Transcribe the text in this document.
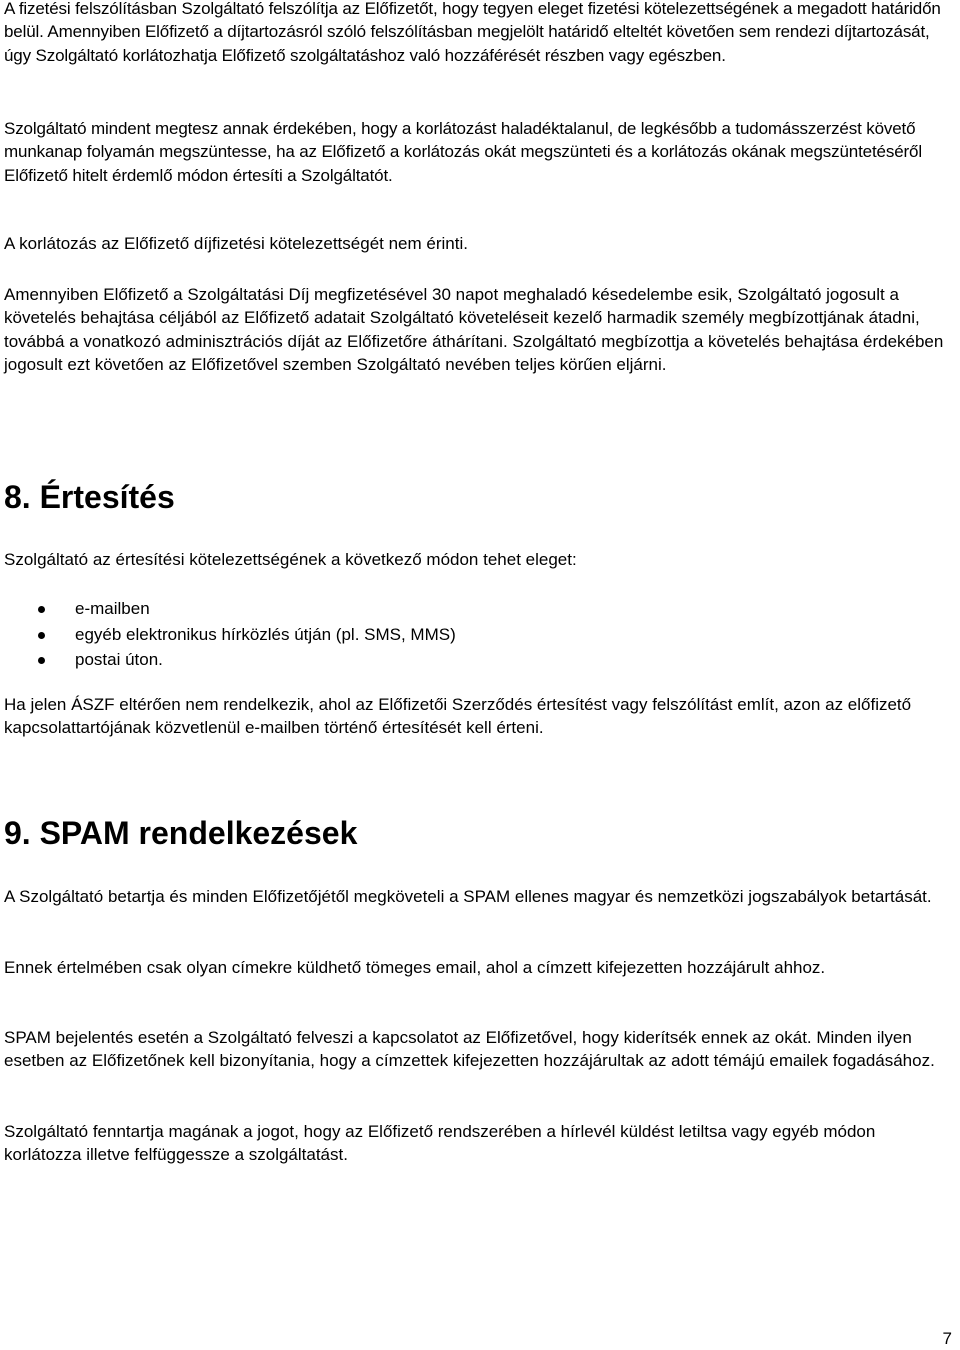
A fizetési felszólításban Szolgáltató felszólítja az Előfizetőt, hogy tegyen eleget fizetési kötelezettségének a megadott határidőn belül. Amennyiben Előfizető a díjtartozásról szóló felszólításban megjelölt határidő elteltét követően sem rendezi díjtartozását, úgy Szolgáltató korlátozhatja Előfizető szolgáltatáshoz való hozzáférését részben vagy egészben.

Szolgáltató mindent megtesz annak érdekében, hogy a korlátozást haladéktalanul, de legkésőbb a tudomásszerzést követő munkanap folyamán megszüntesse, ha az Előfizető a korlátozás okát megszünteti és a korlátozás okának megszüntetéséről Előfizető hitelt érdemlő módon értesíti a Szolgáltatót.

A korlátozás az Előfizető díjfizetési kötelezettségét nem érinti.

Amennyiben Előfizető a Szolgáltatási Díj megfizetésével 30 napot meghaladó késedelembe esik, Szolgáltató jogosult a követelés behajtása céljából az Előfizető adatait Szolgáltató követeléseit kezelő harmadik személy megbízottjának átadni, továbbá a vonatkozó adminisztrációs díját az Előfizetőre áthárítani. Szolgáltató megbízottja a követelés behajtása érdekében jogosult ezt követően az Előfizetővel szemben Szolgáltató nevében teljes körűen eljárni.

8. Értesítés

Szolgáltató az értesítési kötelezettségének a következő módon tehet eleget:

e-mailben
egyéb elektronikus hírközlés útján (pl. SMS, MMS)
postai úton.

Ha jelen ÁSZF eltérően nem rendelkezik, ahol az Előfizetői Szerződés értesítést vagy felszólítást említ, azon az előfizető kapcsolattartójának közvetlenül e-mailben történő értesítését kell érteni.

9. SPAM rendelkezések

A Szolgáltató betartja és minden Előfizetőjétől megköveteli a SPAM ellenes magyar és nemzetközi jogszabályok betartását.

Ennek értelmében csak olyan címekre küldhető tömeges email, ahol a címzett kifejezetten hozzájárult ahhoz.

SPAM bejelentés esetén a Szolgáltató felveszi a kapcsolatot az Előfizetővel, hogy kiderítsék ennek az okát. Minden ilyen esetben az Előfizetőnek kell bizonyítania, hogy a címzettek kifejezetten hozzájárultak az adott témájú emailek fogadásához.

Szolgáltató fenntartja magának a jogot, hogy az Előfizető rendszerében a hírlevél küldést letiltsa vagy egyéb módon korlátozza illetve felfüggessze a szolgáltatást.

7
